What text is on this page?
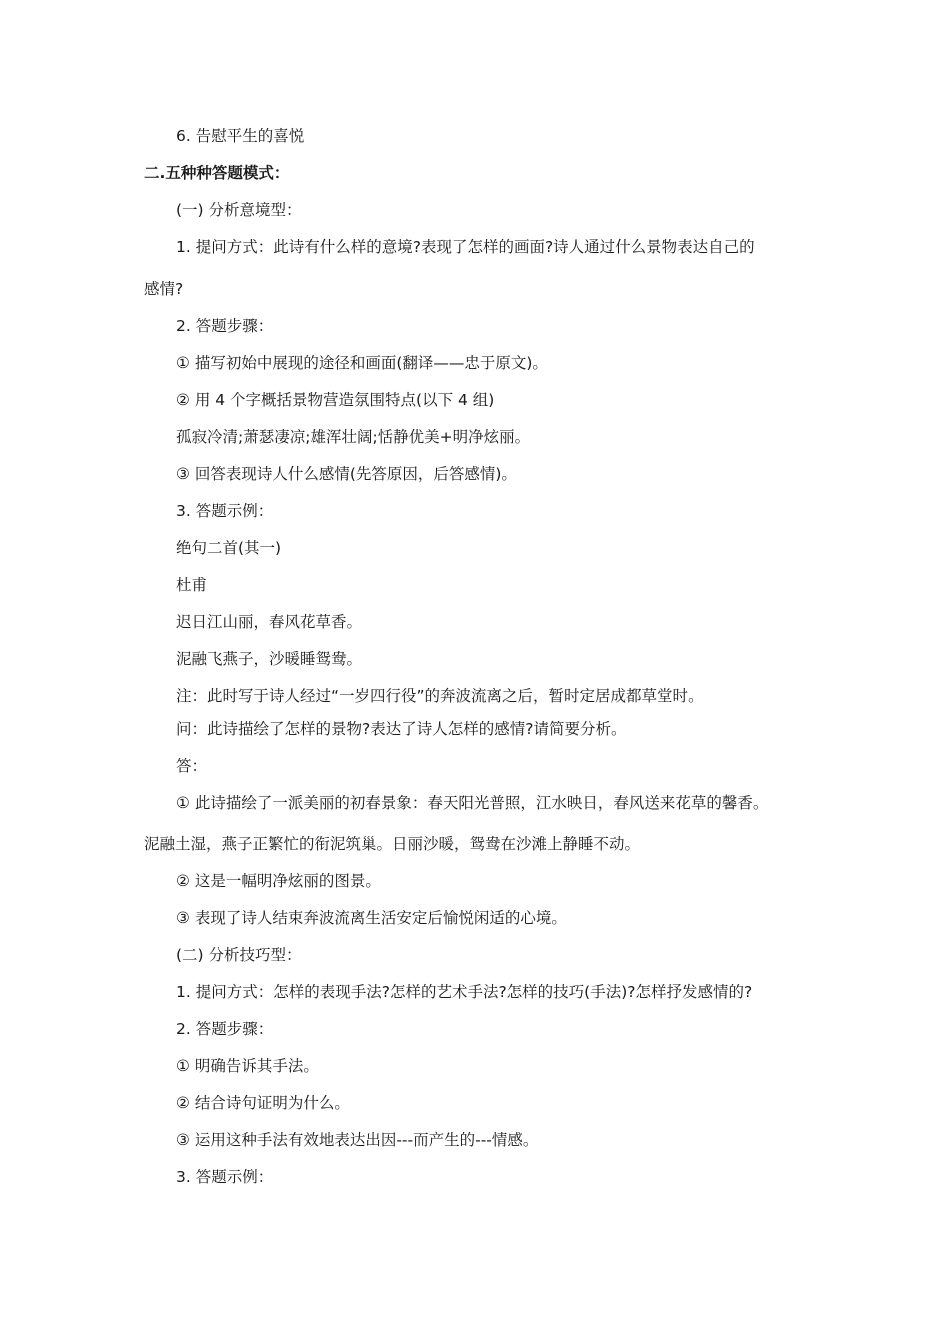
6. 告慰平生的喜悦
二.五种种答题模式：
(一) 分析意境型：
1. 提问方式：此诗有什么样的意境?表现了怎样的画面?诗人通过什么景物表达自己的
感情?
2. 答题步骤：
① 描写初始中展现的途径和画面(翻译——忠于原文)。
② 用 4 个字概括景物营造氛围特点(以下 4 组)
孤寂冷清;萧瑟凄凉;雄浑壮阔;恬静优美+明净炫丽。
③ 回答表现诗人什么感情(先答原因，后答感情)。
3. 答题示例：
绝句二首(其一)
杜甫
迟日江山丽，春风花草香。
泥融飞燕子，沙暖睡鸳鸯。
注：此时写于诗人经过“一岁四行役”的奔波流离之后，暂时定居成都草堂时。
问：此诗描绘了怎样的景物?表达了诗人怎样的感情?请简要分析。
答：
① 此诗描绘了一派美丽的初春景象：春天阳光普照，江水映日，春风送来花草的馨香。
泥融土湿，燕子正繁忙的衔泥筑巢。日丽沙暖，鸳鸯在沙滩上静睡不动。
② 这是一幅明净炫丽的图景。
③ 表现了诗人结束奔波流离生活安定后愉悦闲适的心境。
(二) 分析技巧型：
1. 提问方式：怎样的表现手法?怎样的艺术手法?怎样的技巧(手法)?怎样抒发感情的?
2. 答题步骤：
① 明确告诉其手法。
② 结合诗句证明为什么。
③ 运用这种手法有效地表达出因---而产生的---情感。
3. 答题示例：
